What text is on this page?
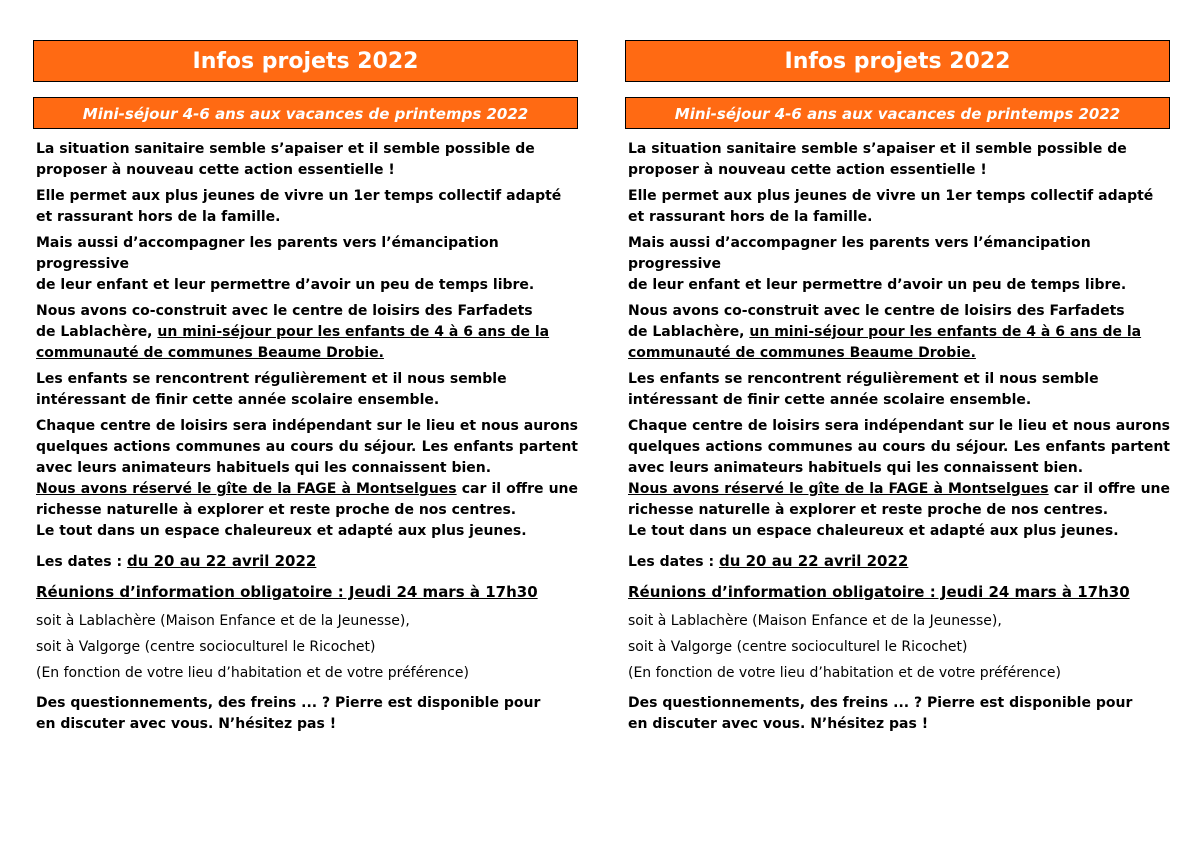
Infos projets 2022
Mini-séjour 4-6 ans aux vacances de printemps 2022

La situation sanitaire semble s’apaiser et il semble possible de
proposer à nouveau cette action essentielle !

Elle permet aux plus jeunes de vivre un 1er temps collectif adapté
et rassurant hors de la famille.

Mais aussi d’accompagner les parents vers l’émancipation progressive
de leur enfant et leur permettre d’avoir un peu de temps libre.

Nous avons co-construit avec le centre de loisirs des Farfadets
de Lablachère, un mini-séjour pour les enfants de 4 à 6 ans de la
communauté de communes Beaume Drobie.

Les enfants se rencontrent régulièrement et il nous semble
intéressant de finir cette année scolaire ensemble.

Chaque centre de loisirs sera indépendant sur le lieu et nous aurons quelques actions communes au cours du séjour. Les enfants partent avec leurs animateurs habituels qui les connaissent bien.

Nous avons réservé le gîte de la FAGE à Montselgues car il offre une richesse naturelle à explorer et reste proche de nos centres.

Le tout dans un espace chaleureux et adapté aux plus jeunes.

Les dates : du 20 au 22 avril 2022

Réunions d’information obligatoire : Jeudi 24 mars à 17h30

soit à Lablachère (Maison Enfance et de la Jeunesse),

soit à Valgorge (centre socioculturel le Ricochet)

(En fonction de votre lieu d’habitation et de votre préférence)

Des questionnements, des freins ... ? Pierre est disponible pour
en discuter avec vous. N’hésitez pas !

Infos projets 2022
Mini-séjour 4-6 ans aux vacances de printemps 2022

La situation sanitaire semble s’apaiser et il semble possible de
proposer à nouveau cette action essentielle !

Elle permet aux plus jeunes de vivre un 1er temps collectif adapté
et rassurant hors de la famille.

Mais aussi d’accompagner les parents vers l’émancipation progressive
de leur enfant et leur permettre d’avoir un peu de temps libre.

Nous avons co-construit avec le centre de loisirs des Farfadets
de Lablachère, un mini-séjour pour les enfants de 4 à 6 ans de la
communauté de communes Beaume Drobie.

Les enfants se rencontrent régulièrement et il nous semble
intéressant de finir cette année scolaire ensemble.

Chaque centre de loisirs sera indépendant sur le lieu et nous aurons quelques actions communes au cours du séjour. Les enfants partent avec leurs animateurs habituels qui les connaissent bien.

Nous avons réservé le gîte de la FAGE à Montselgues car il offre une richesse naturelle à explorer et reste proche de nos centres.

Le tout dans un espace chaleureux et adapté aux plus jeunes.

Les dates : du 20 au 22 avril 2022

Réunions d’information obligatoire : Jeudi 24 mars à 17h30

soit à Lablachère (Maison Enfance et de la Jeunesse),

soit à Valgorge (centre socioculturel le Ricochet)

(En fonction de votre lieu d’habitation et de votre préférence)

Des questionnements, des freins ... ? Pierre est disponible pour
en discuter avec vous. N’hésitez pas !
